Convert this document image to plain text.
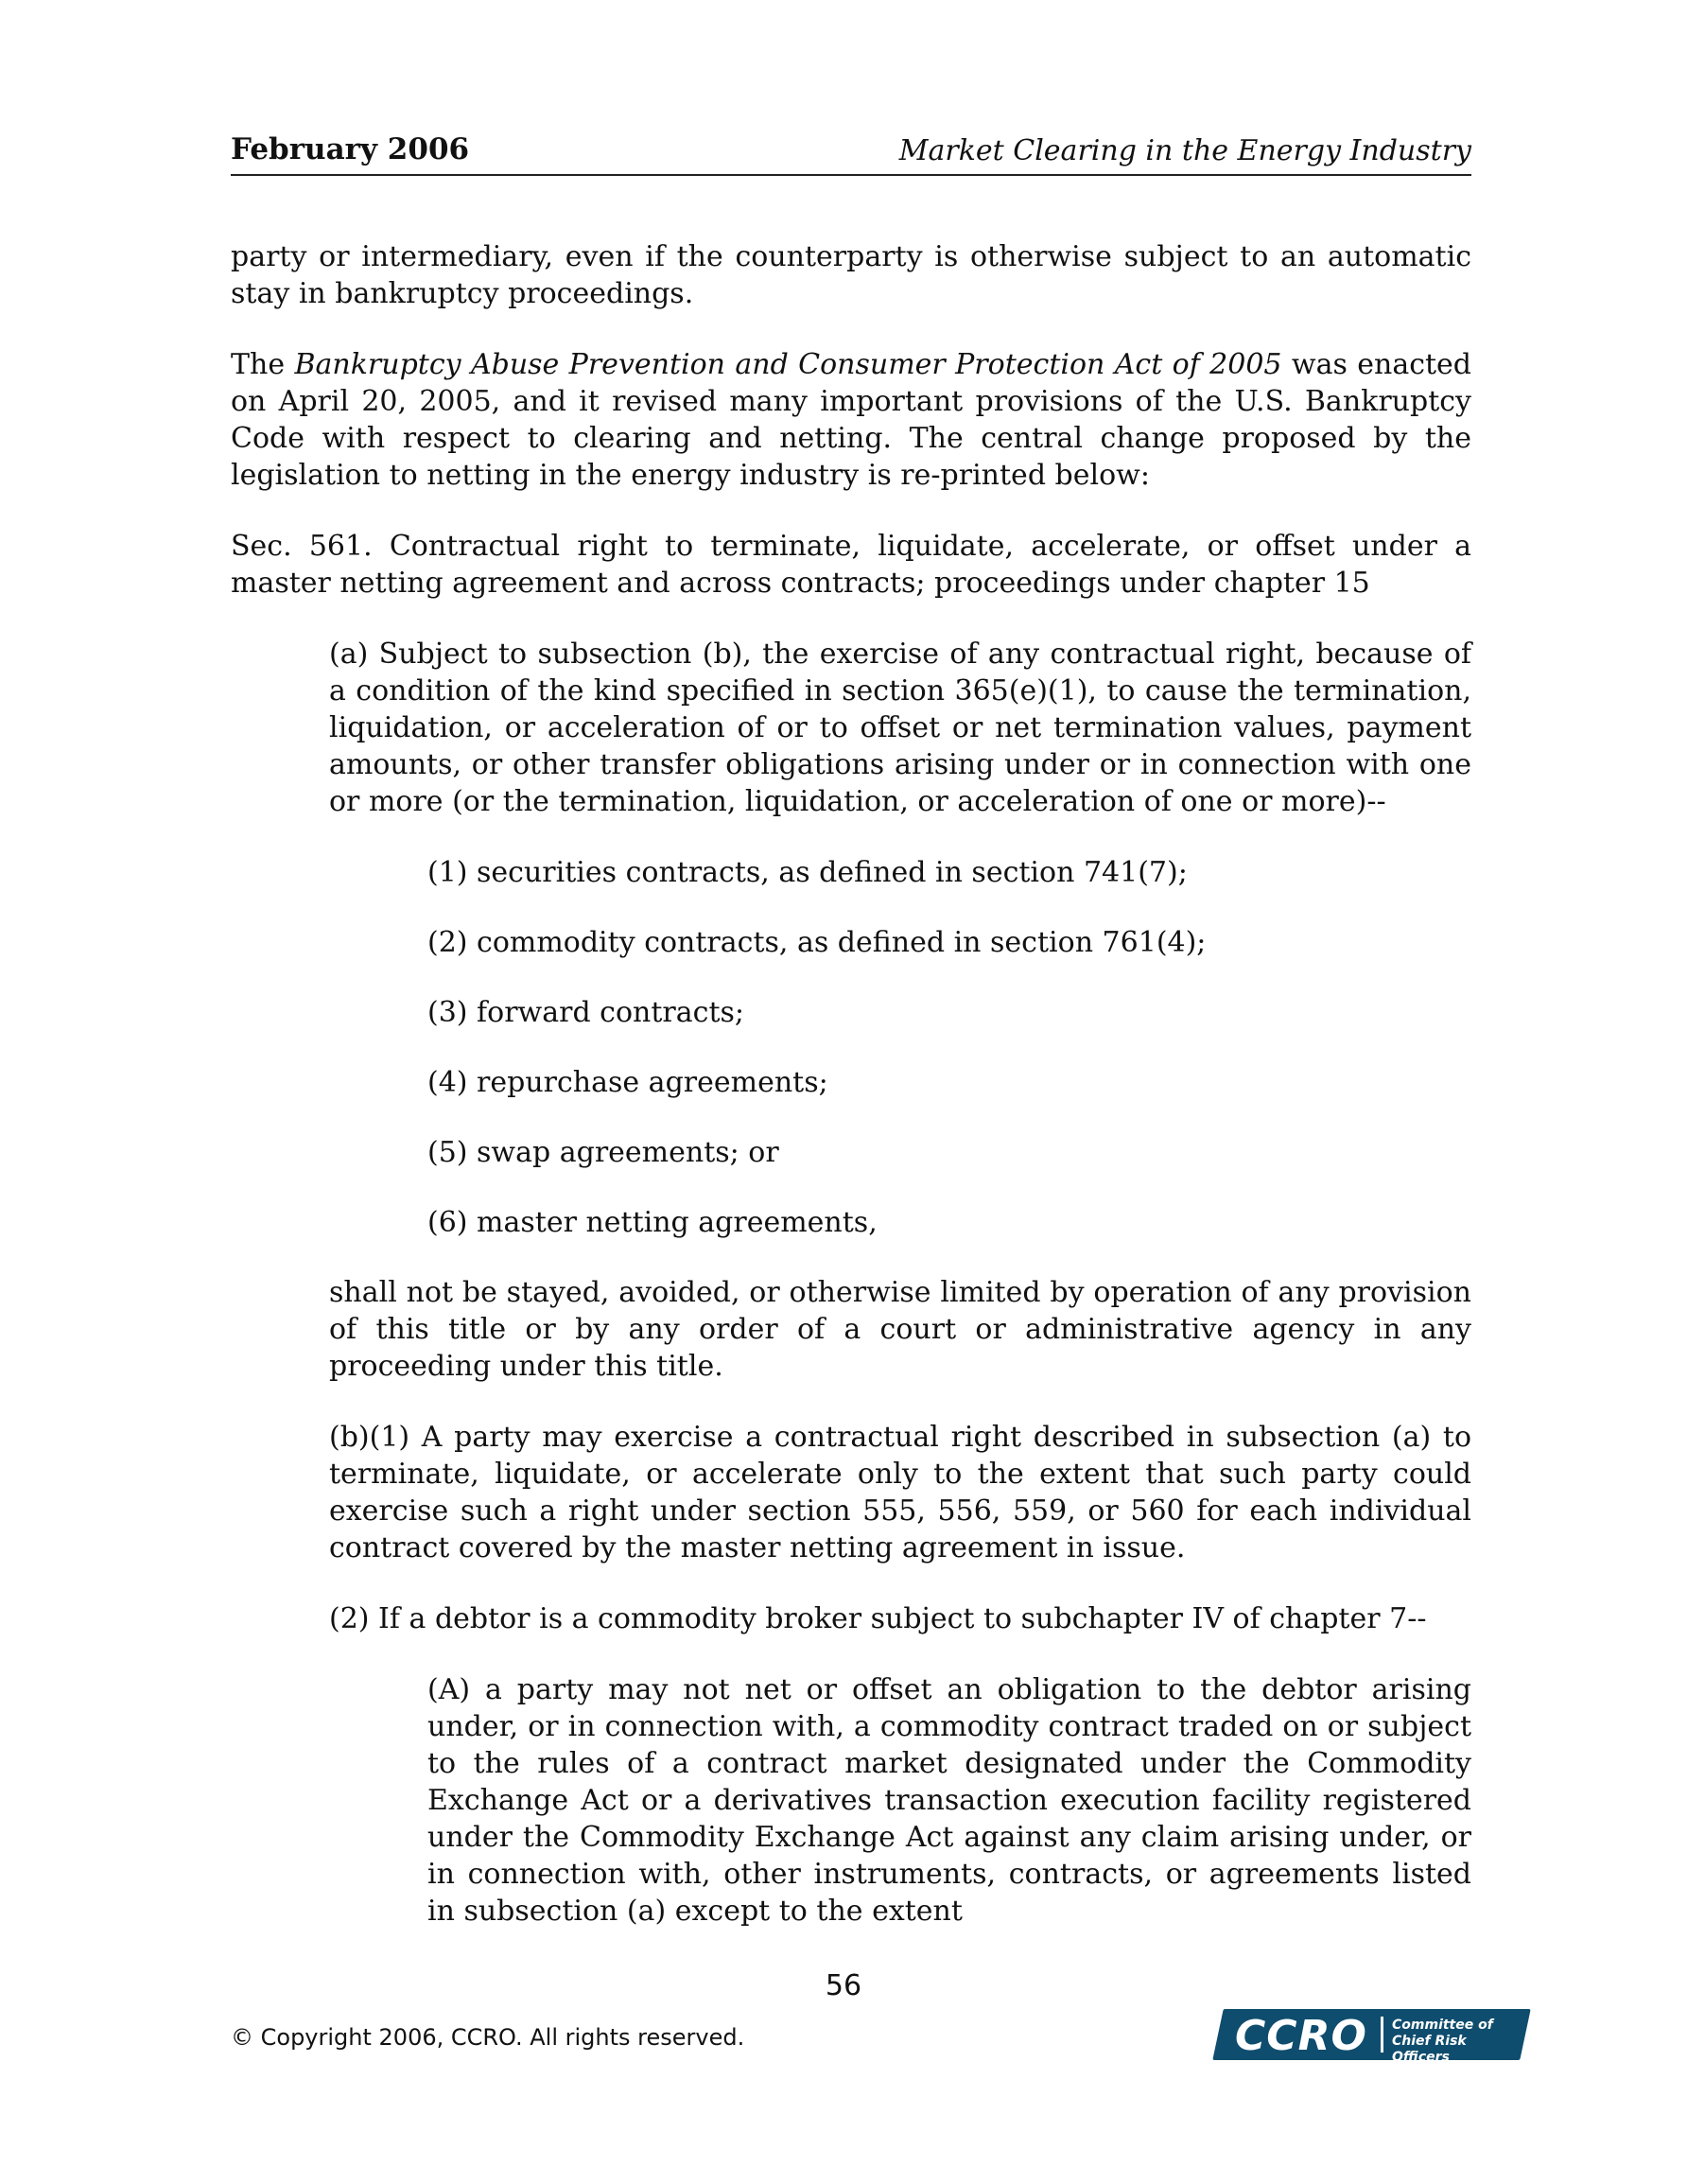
February 2006	Market Clearing in the Energy Industry

party or intermediary, even if the counterparty is otherwise subject to an automatic stay in bankruptcy proceedings.

The Bankruptcy Abuse Prevention and Consumer Protection Act of 2005 was enacted on April 20, 2005, and it revised many important provisions of the U.S. Bankruptcy Code with respect to clearing and netting. The central change proposed by the legislation to netting in the energy industry is re-printed below:

Sec. 561. Contractual right to terminate, liquidate, accelerate, or offset under a master netting agreement and across contracts; proceedings under chapter 15

(a) Subject to subsection (b), the exercise of any contractual right, because of a condition of the kind specified in section 365(e)(1), to cause the termination, liquidation, or acceleration of or to offset or net termination values, payment amounts, or other transfer obligations arising under or in connection with one or more (or the termination, liquidation, or acceleration of one or more)--

(1) securities contracts, as defined in section 741(7);

(2) commodity contracts, as defined in section 761(4);

(3) forward contracts;

(4) repurchase agreements;

(5) swap agreements; or

(6) master netting agreements,

shall not be stayed, avoided, or otherwise limited by operation of any provision of this title or by any order of a court or administrative agency in any proceeding under this title.

(b)(1) A party may exercise a contractual right described in subsection (a) to terminate, liquidate, or accelerate only to the extent that such party could exercise such a right under section 555, 556, 559, or 560 for each individual contract covered by the master netting agreement in issue.

(2) If a debtor is a commodity broker subject to subchapter IV of chapter 7--

(A) a party may not net or offset an obligation to the debtor arising under, or in connection with, a commodity contract traded on or subject to the rules of a contract market designated under the Commodity Exchange Act or a derivatives transaction execution facility registered under the Commodity Exchange Act against any claim arising under, or in connection with, other instruments, contracts, or agreements listed in subsection (a) except to the extent

56
© Copyright 2006, CCRO. All rights reserved.	CCRO Committee of
Chief Risk Officers
